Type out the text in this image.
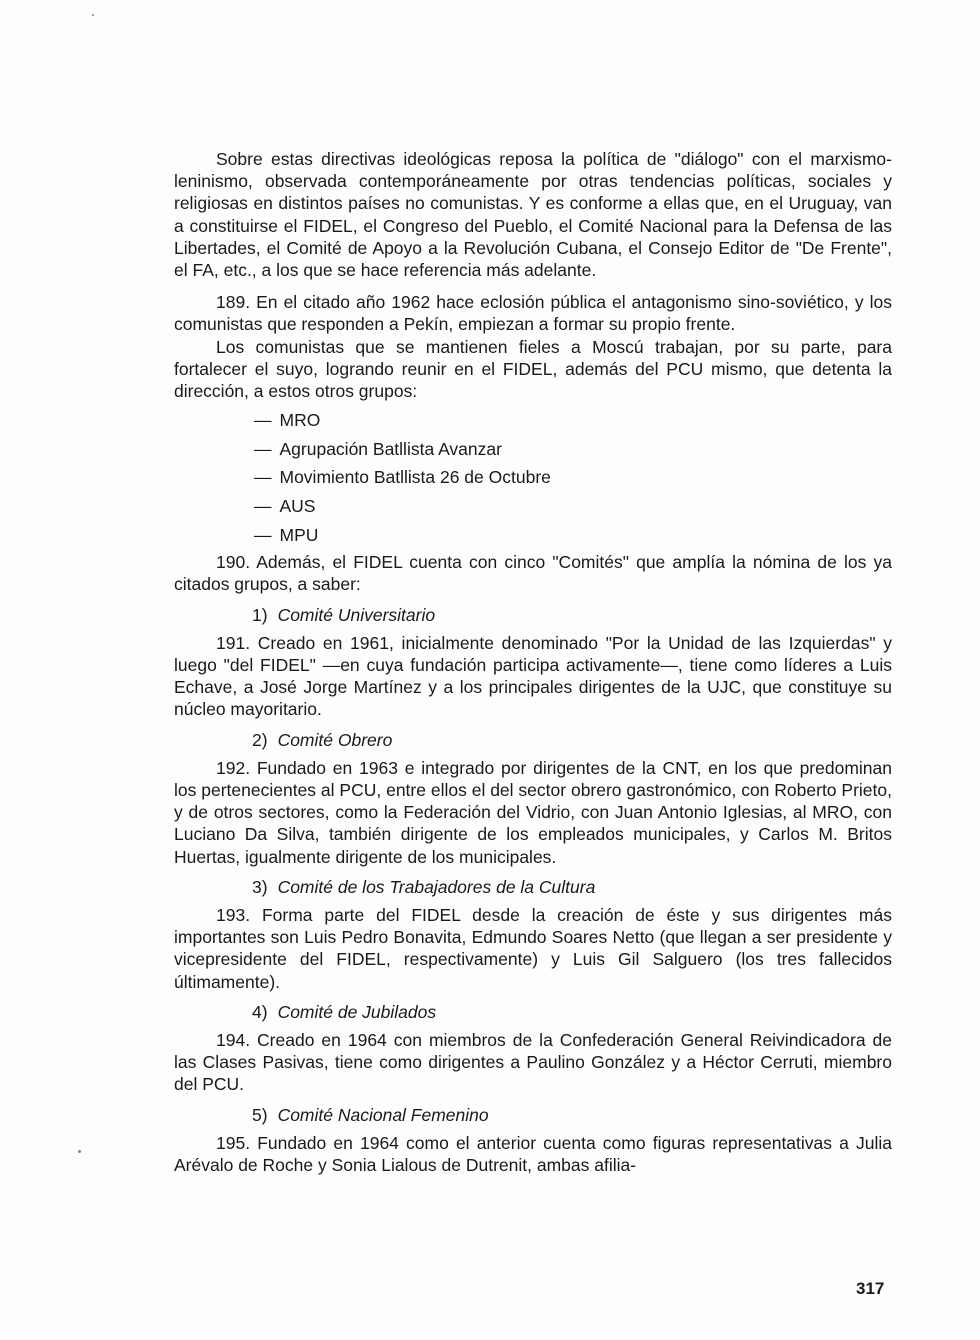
Sobre estas directivas ideológicas reposa la política de "diálogo" con el marxismo-leninismo, observada contemporáneamente por otras tendencias políticas, sociales y religiosas en distintos países no comunistas. Y es conforme a ellas que, en el Uruguay, van a constituirse el FIDEL, el Congreso del Pueblo, el Comité Nacional para la Defensa de las Libertades, el Comité de Apoyo a la Revolución Cubana, el Consejo Editor de "De Frente", el FA, etc., a los que se hace referencia más adelante.

189. En el citado año 1962 hace eclosión pública el antagonismo sino-soviético, y los comunistas que responden a Pekín, empiezan a formar su propio frente.

Los comunistas que se mantienen fieles a Moscú trabajan, por su parte, para fortalecer el suyo, logrando reunir en el FIDEL, además del PCU mismo, que detenta la dirección, a estos otros grupos:

— MRO
— Agrupación Batllista Avanzar
— Movimiento Batllista 26 de Octubre
— AUS
— MPU

190. Además, el FIDEL cuenta con cinco "Comités" que amplía la nómina de los ya citados grupos, a saber:

1) Comité Universitario

191. Creado en 1961, inicialmente denominado "Por la Unidad de las Izquierdas" y luego "del FIDEL" —en cuya fundación participa activamente—, tiene como líderes a Luis Echave, a José Jorge Martínez y a los principales dirigentes de la UJC, que constituye su núcleo mayoritario.

2) Comité Obrero

192. Fundado en 1963 e integrado por dirigentes de la CNT, en los que predominan los pertenecientes al PCU, entre ellos el del sector obrero gastronómico, con Roberto Prieto, y de otros sectores, como la Federación del Vidrio, con Juan Antonio Iglesias, al MRO, con Luciano Da Silva, también dirigente de los empleados municipales, y Carlos M. Britos Huertas, igualmente dirigente de los municipales.

3) Comité de los Trabajadores de la Cultura

193. Forma parte del FIDEL desde la creación de éste y sus dirigentes más importantes son Luis Pedro Bonavita, Edmundo Soares Netto (que llegan a ser presidente y vicepresidente del FIDEL, respectivamente) y Luis Gil Salguero (los tres fallecidos últimamente).

4) Comité de Jubilados

194. Creado en 1964 con miembros de la Confederación General Reivindicadora de las Clases Pasivas, tiene como dirigentes a Paulino González y a Héctor Cerruti, miembro del PCU.

5) Comité Nacional Femenino

195. Fundado en 1964 como el anterior cuenta como figuras representativas a Julia Arévalo de Roche y Sonia Lialous de Dutrenit, ambas afilia-

317
